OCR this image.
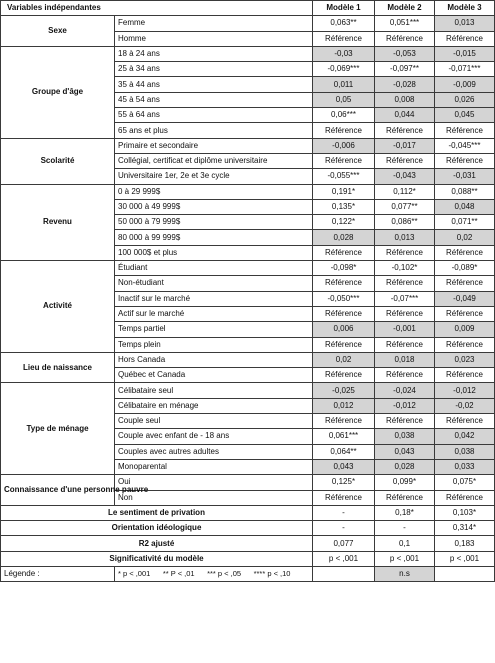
Variables indépendantes		Modèle 1	Modèle 2	Modèle 3
Sexe	Femme	0,063**	0,051***	0,013
	Homme	Référence	Référence	Référence
Groupe d'âge	18 à 24 ans	-0,03	-0,053	-0,015
	25 à 34 ans	-0,069***	-0,097**	-0,071***
	35 à 44 ans	0,011	-0,028	-0,009
	45 à 54 ans	0,05	0,008	0,026
	55 à 64 ans	0,06***	0,044	0,045
	65 ans et plus	Référence	Référence	Référence
Scolarité	Primaire et secondaire	-0,006	-0,017	-0,045***
	Collégial, certificat et diplôme universitaire	Référence	Référence	Référence
	Universitaire 1er, 2e et 3e cycle	-0,055***	-0,043	-0,031
Revenu	0 à 29 999$	0,191*	0,112*	0,088**
	30 000 à 49 999$	0,135*	0,077**	0,048
	50 000 à 79 999$	0,122*	0,086**	0,071**
	80 000 à 99 999$	0,028	0,013	0,02
	100 000$ et plus	Référence	Référence	Référence
Activité	Étudiant	-0,098*	-0,102*	-0,089*
	Non-étudiant	Référence	Référence	Référence
	Inactif sur le marché	-0,050***	-0,07***	-0,049
	Actif sur le marché	Référence	Référence	Référence
	Temps partiel	0,006	-0,001	0,009
	Temps plein	Référence	Référence	Référence
Lieu de naissance	Hors Canada	0,02	0,018	0,023
	Québec et Canada	Référence	Référence	Référence
Type de ménage	Célibataire seul	-0,025	-0,024	-0,012
	Célibataire en ménage	0,012	-0,012	-0,02
	Couple seul	Référence	Référence	Référence
	Couple avec enfant de - 18 ans	0,061***	0,038	0,042
	Couples avec autres adultes	0,064**	0,043	0,038
	Monoparental	0,043	0,028	0,033
Connaissance d'une personne pauvre	Oui	0,125*	0,099*	0,075*
	Non	Référence	Référence	Référence
Le sentiment de privation		-	0,18*	0,103*
Orientation idéologique		-	-	0,314*
R2 ajusté		0,077	0,1	0,183
Significativité du modèle		p < ,001	p < ,001	p < ,001
Légende :	* p < ,001      ** P < ,01      *** p < ,05      **** p < ,10		n.s	
